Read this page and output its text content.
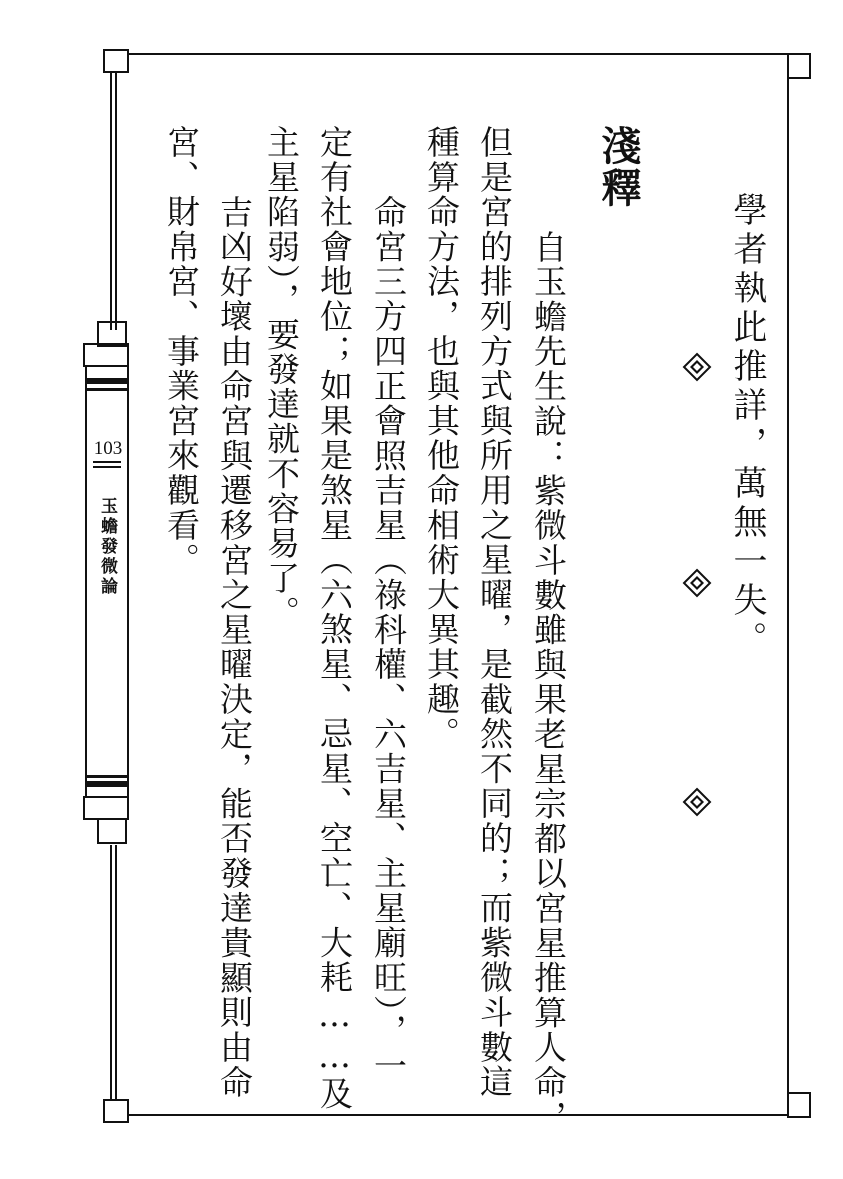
103
玉蟾發微論	學者執此推詳，萬無一失。
淺釋
　自玉蟾先生說：紫微斗數雖與果老星宗都以宮星推算人命，
但是宮的排列方式與所用之星曜，是截然不同的；而紫微斗數這
種算命方法，也與其他命相術大異其趣。
　命宮三方四正會照吉星（祿科權、六吉星、主星廟旺），一
定有社會地位；如果是煞星（六煞星、忌星、空亡、大耗……及
主星陷弱），要發達就不容易了。
　吉凶好壞由命宮與遷移宮之星曜決定，能否發達貴顯則由命
宮、財帛宮、事業宮來觀看。
